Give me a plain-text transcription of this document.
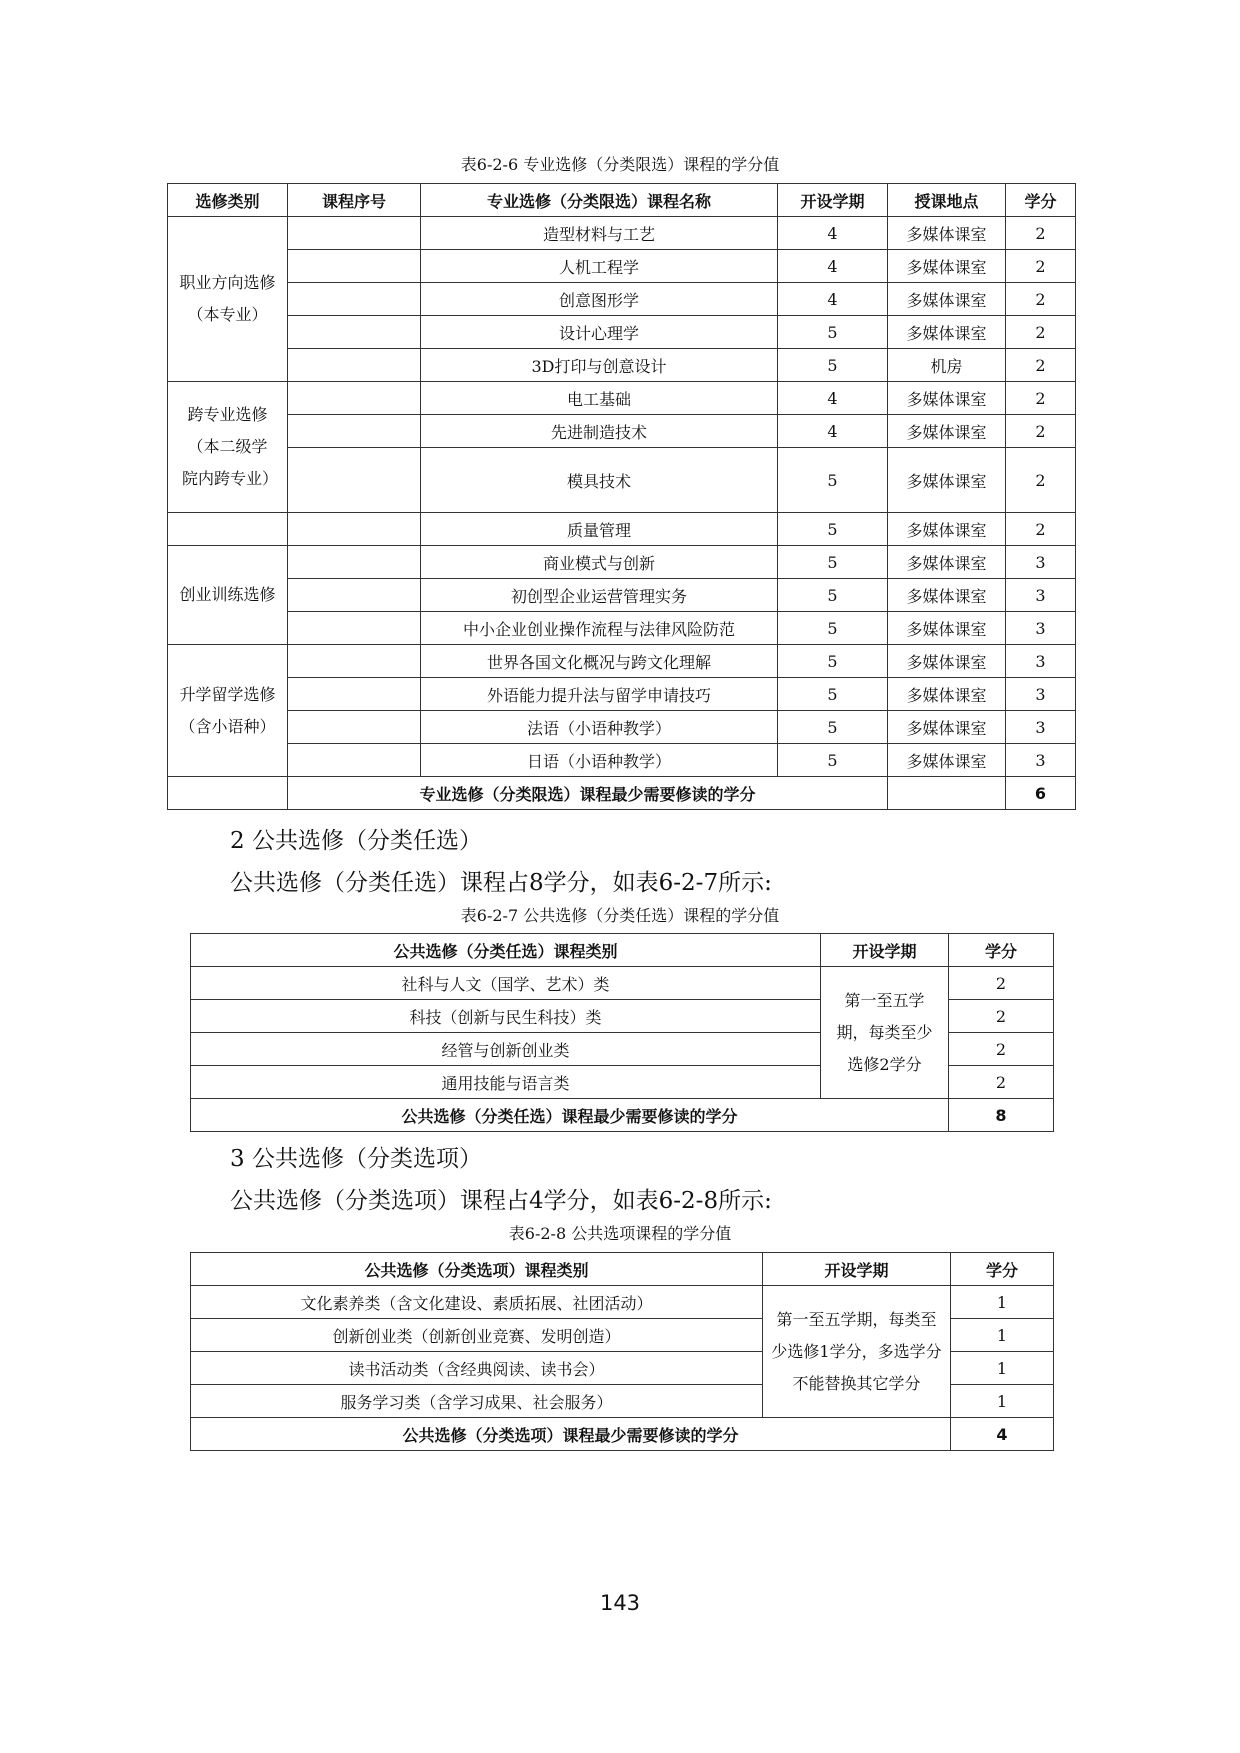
表6-2-6 专业选修（分类限选）课程的学分值
选修类别	课程序号	专业选修（分类限选）课程名称	开设学期	授课地点	学分

职业方向选修（本专业）		造型材料与工艺	4	多媒体课室	2
		人机工程学	4	多媒体课室	2
		创意图形学	4	多媒体课室	2
		设计心理学	5	多媒体课室	2
		3D打印与创意设计	5	机房	2

跨专业选修（本二级学院内跨专业）		电工基础	4	多媒体课室	2
		先进制造技术	4	多媒体课室	2
		模具技术	5	多媒体课室	2
		质量管理	5	多媒体课室	2

创业训练选修		商业模式与创新	5	多媒体课室	3
		初创型企业运营管理实务	5	多媒体课室	3
		中小企业创业操作流程与法律风险防范	5	多媒体课室	3

升学留学选修（含小语种）		世界各国文化概况与跨文化理解	5	多媒体课室	3
		外语能力提升法与留学申请技巧	5	多媒体课室	3
		法语（小语种教学）	5	多媒体课室	3
		日语（小语种教学）	5	多媒体课室	3
	专业选修（分类限选）课程最少需要修读的学分				6
2 公共选修（分类任选）
公共选修（分类任选）课程占8学分，如表6-2-7所示:
表6-2-7 公共选修（分类任选）课程的学分值
公共选修（分类任选）课程类别	开设学期	学分
社科与人文（国学、艺术）类	第一至五学期，每类至少选修2学分	2
科技（创新与民生科技）类		2
经管与创新创业类		2
通用技能与语言类		2
公共选修（分类任选）课程最少需要修读的学分		8
3 公共选修（分类选项）
公共选修（分类选项）课程占4学分，如表6-2-8所示:
表6-2-8 公共选项课程的学分值
公共选修（分类选项）课程类别	开设学期	学分
文化素养类（含文化建设、素质拓展、社团活动）	第一至五学期，每类至少选修1学分，多选学分不能替换其它学分	1
创新创业类（创新创业竞赛、发明创造）		1
读书活动类（含经典阅读、读书会）		1
服务学习类（含学习成果、社会服务）		1
公共选修（分类选项）课程最少需要修读的学分		4
143
